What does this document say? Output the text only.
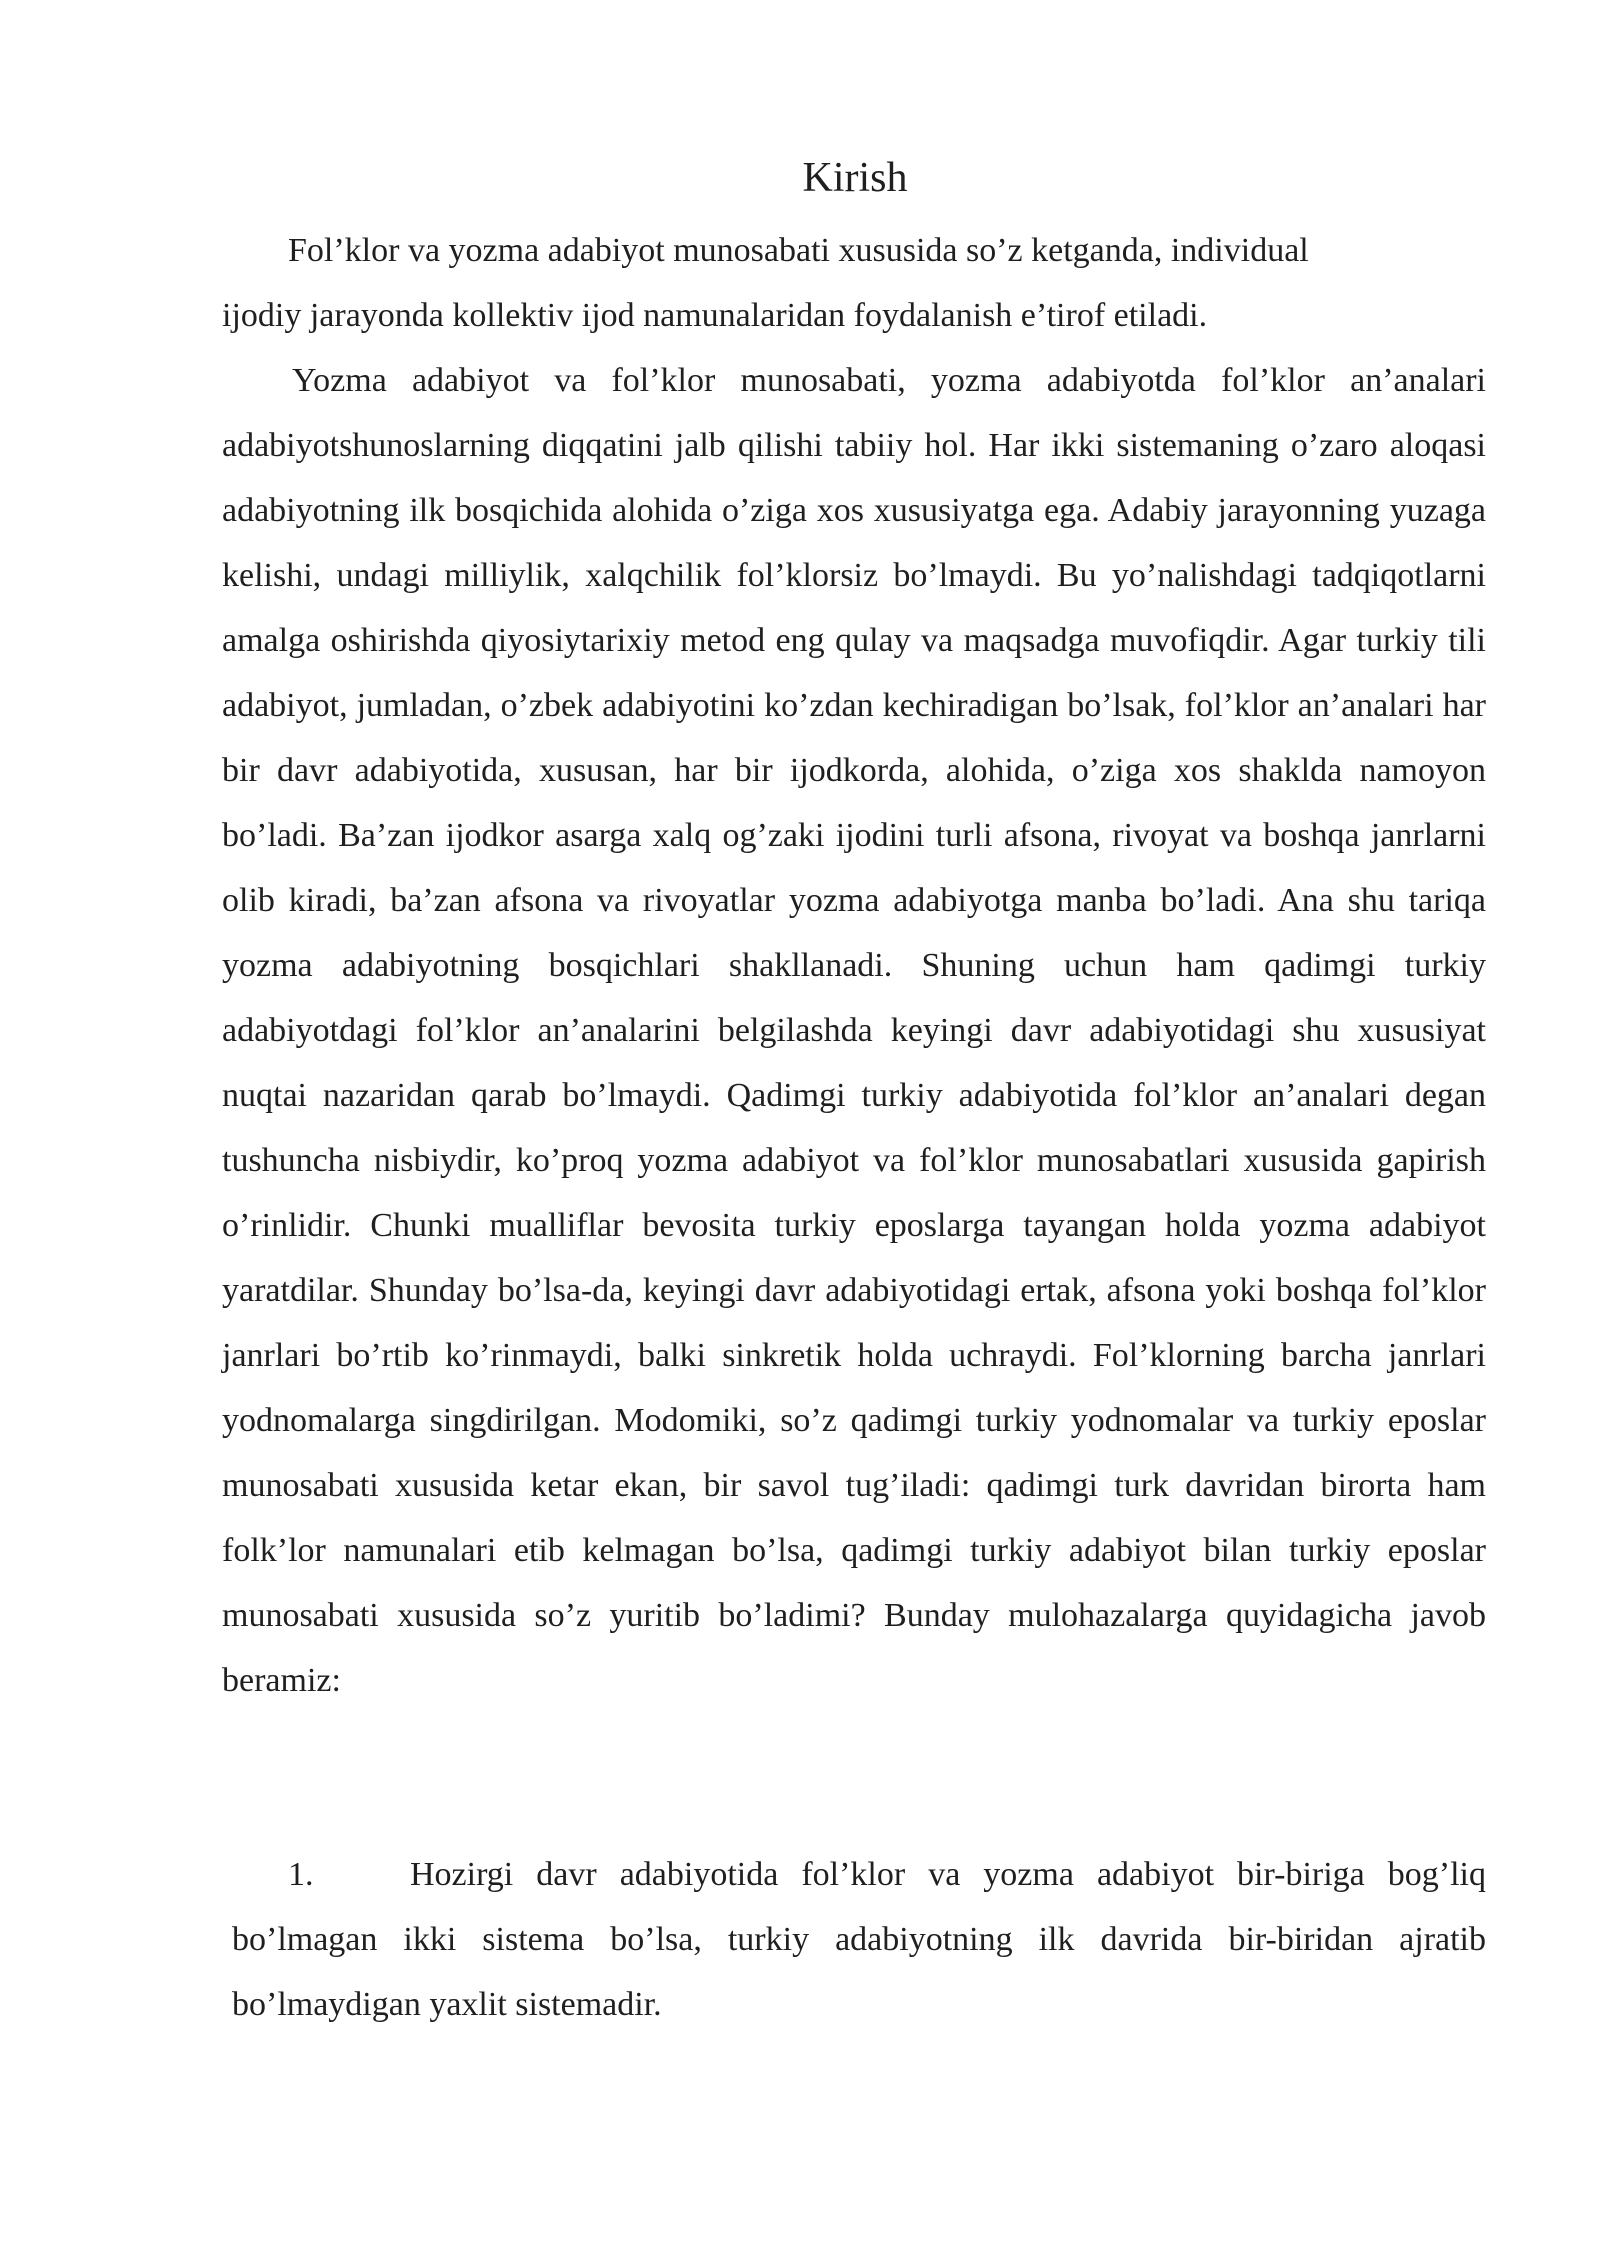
Kirish

Fol’klor va yozma adabiyot munosabati xususida so’z ketganda, individual
ijodiy jarayonda kollektiv ijod namunalaridan foydalanish e’tirof etiladi.

Yozma adabiyot va fol’klor munosabati, yozma adabiyotda fol’klor an’analari adabiyotshunoslarning diqqatini jalb qilishi tabiiy hol. Har ikki sistemaning o’zaro aloqasi adabiyotning ilk bosqichida alohida o’ziga xos xususiyatga ega. Adabiy jarayonning yuzaga kelishi, undagi milliylik, xalqchilik fol’klorsiz bo’lmaydi. Bu yo’nalishdagi tadqiqotlarni amalga oshirishda qiyosiytarixiy metod eng qulay va maqsadga muvofiqdir. Agar turkiy tili adabiyot, jumladan, o’zbek adabiyotini ko’zdan kechiradigan bo’lsak, fol’klor an’analari har bir davr adabiyotida, xususan, har bir ijodkorda, alohida, o’ziga xos shaklda namoyon bo’ladi. Ba’zan ijodkor asarga xalq og’zaki ijodini turli afsona, rivoyat va boshqa janrlarni olib kiradi, ba’zan afsona va rivoyatlar yozma adabiyotga manba bo’ladi. Ana shu tariqa yozma adabiyotning bosqichlari shakllanadi. Shuning uchun ham qadimgi turkiy adabiyotdagi fol’klor an’analarini belgilashda keyingi davr adabiyotidagi shu xususiyat nuqtai nazaridan qarab bo’lmaydi. Qadimgi turkiy adabiyotida fol’klor an’analari degan tushuncha nisbiydir, ko’proq yozma adabiyot va fol’klor munosabatlari xususida gapirish o’rinlidir. Chunki mualliflar bevosita turkiy eposlarga tayangan holda yozma adabiyot yaratdilar. Shunday bo’lsa-da, keyingi davr adabiyotidagi ertak, afsona yoki boshqa fol’klor janrlari bo’rtib ko’rinmaydi, balki sinkretik holda uchraydi. Fol’klorning barcha janrlari yodnomalarga singdirilgan. Modomiki, so’z qadimgi turkiy yodnomalar va turkiy eposlar munosabati xususida ketar ekan, bir savol tug’iladi: qadimgi turk davridan birorta ham folk’lor namunalari etib kelmagan bo’lsa, qadimgi turkiy adabiyot bilan turkiy eposlar munosabati xususida so’z yuritib bo’ladimi? Bunday mulohazalarga quyidagicha javob beramiz:

1.	Hozirgi davr adabiyotida fol’klor va yozma adabiyot bir-biriga bog’liq bo’lmagan ikki sistema bo’lsa, turkiy adabiyotning ilk davrida bir-biridan ajratib bo’lmaydigan yaxlit sistemadir.
